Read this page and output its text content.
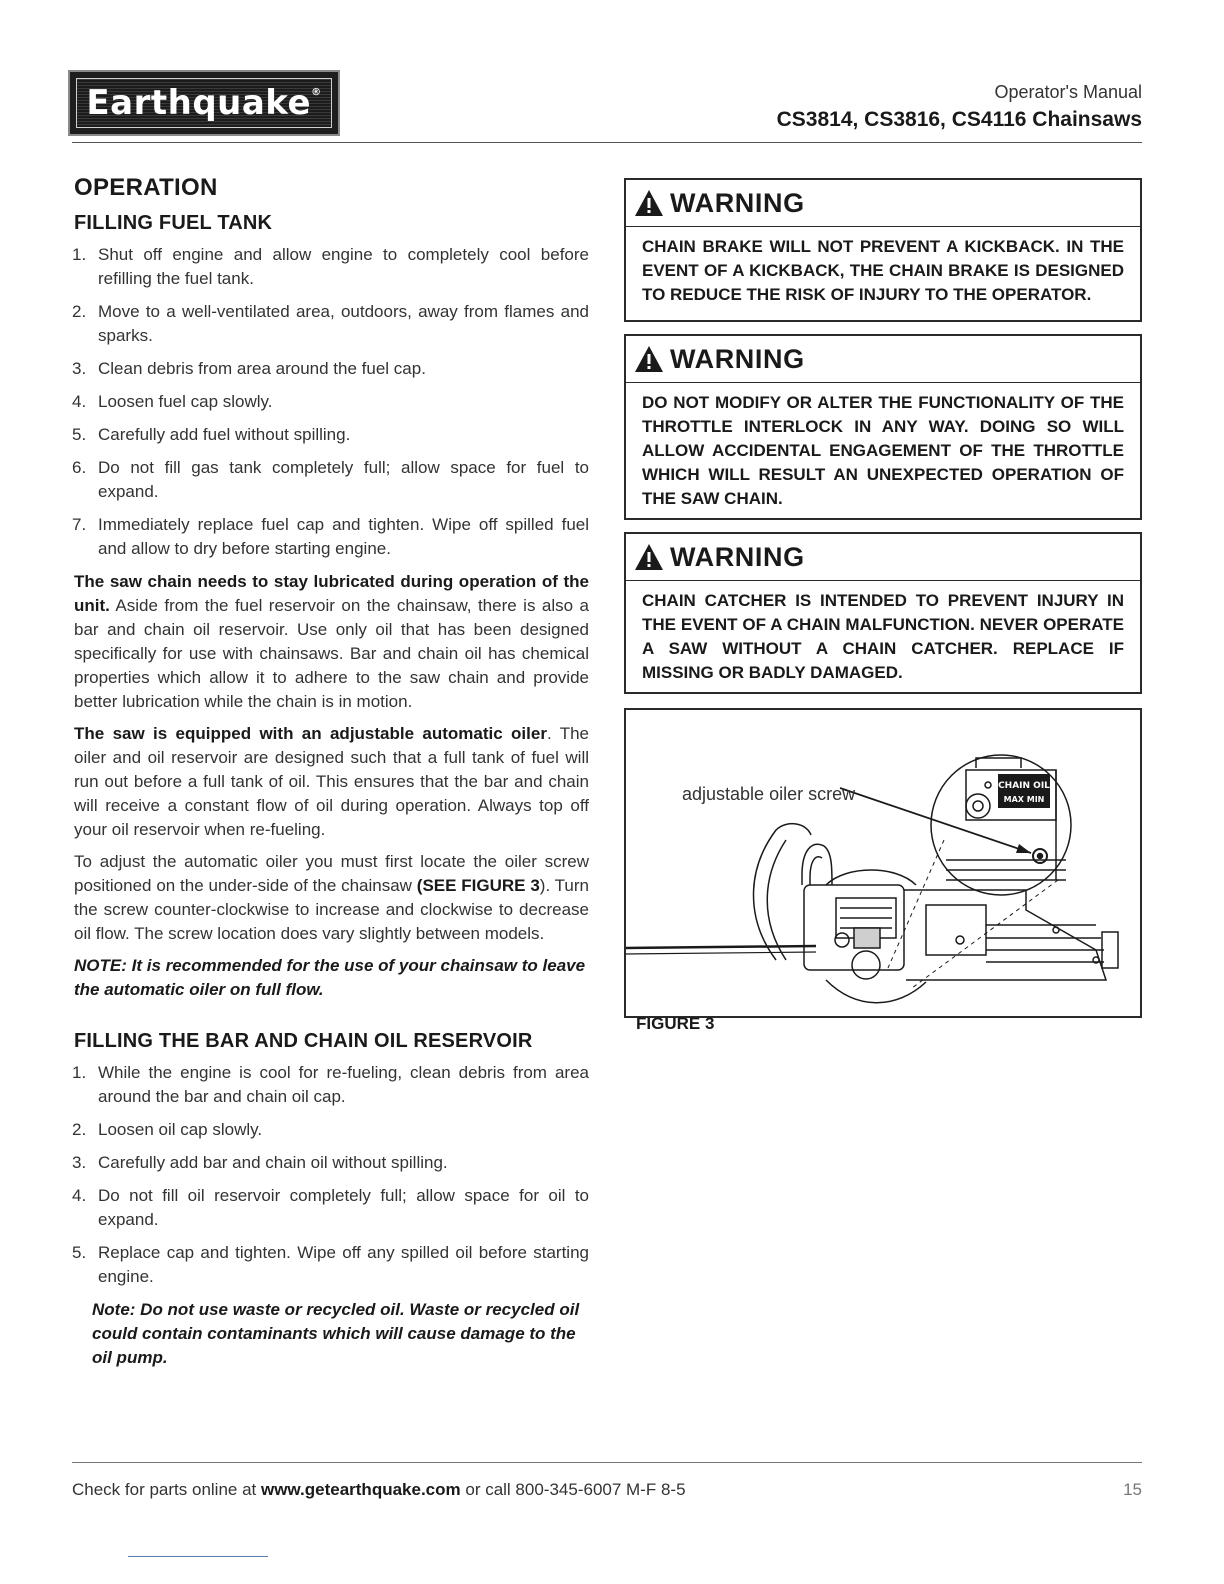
Earthquake®	Operator's Manual
CS3814, CS3816, CS4116 Chainsaws
OPERATION
FILLING FUEL TANK
1. Shut off engine and allow engine to completely cool before refilling the fuel tank.
2. Move to a well-ventilated area, outdoors, away from flames and sparks.
3. Clean debris from area around the fuel cap.
4. Loosen fuel cap slowly.
5. Carefully add fuel without spilling.
6. Do not fill gas tank completely full; allow space for fuel to expand.
7. Immediately replace fuel cap and tighten. Wipe off spilled fuel and allow to dry before starting engine.

The saw chain needs to stay lubricated during operation of the unit. Aside from the fuel reservoir on the chainsaw, there is also a bar and chain oil reservoir. Use only oil that has been designed specifically for use with chainsaws. Bar and chain oil has chemical properties which allow it to adhere to the saw chain and provide better lubrication while the chain is in motion.

The saw is equipped with an adjustable automatic oiler. The oiler and oil reservoir are designed such that a full tank of fuel will run out before a full tank of oil. This ensures that the bar and chain will receive a constant flow of oil during operation. Always top off your oil reservoir when re-fueling.

To adjust the automatic oiler you must first locate the oiler screw positioned on the under-side of the chainsaw (SEE FIGURE 3). Turn the screw counter-clockwise to increase and clockwise to decrease oil flow. The screw location does vary slightly between models.

NOTE: It is recommended for the use of your chainsaw to leave the automatic oiler on full flow.

FILLING THE BAR AND CHAIN OIL RESERVOIR
1. While the engine is cool for re-fueling, clean debris from area around the bar and chain oil cap.
2. Loosen oil cap slowly.
3. Carefully add bar and chain oil without spilling.
4. Do not fill oil reservoir completely full; allow space for oil to expand.
5. Replace cap and tighten. Wipe off any spilled oil before starting engine.

Note: Do not use waste or recycled oil. Waste or recycled oil could contain contaminants which will cause damage to the oil pump.

WARNING
CHAIN BRAKE WILL NOT PREVENT A KICKBACK. IN THE EVENT OF A KICKBACK, THE CHAIN BRAKE IS DESIGNED TO REDUCE THE RISK OF INJURY TO THE OPERATOR.
WARNING
DO NOT MODIFY OR ALTER THE FUNCTIONALITY OF THE THROTTLE INTERLOCK IN ANY WAY. DOING SO WILL ALLOW ACCIDENTAL ENGAGEMENT OF THE THROTTLE WHICH WILL RESULT AN UNEXPECTED OPERATION OF THE SAW CHAIN.
WARNING
CHAIN CATCHER IS INTENDED TO PREVENT INJURY IN THE EVENT OF A CHAIN MALFUNCTION. NEVER OPERATE A SAW WITHOUT A CHAIN CATCHER. REPLACE IF MISSING OR BADLY DAMAGED.
CHAIN OIL
MAX MIN
adjustable oiler screw
FIGURE 3
Check for parts online at www.getearthquake.com or call 800-345-6007 M-F 8-5	15
